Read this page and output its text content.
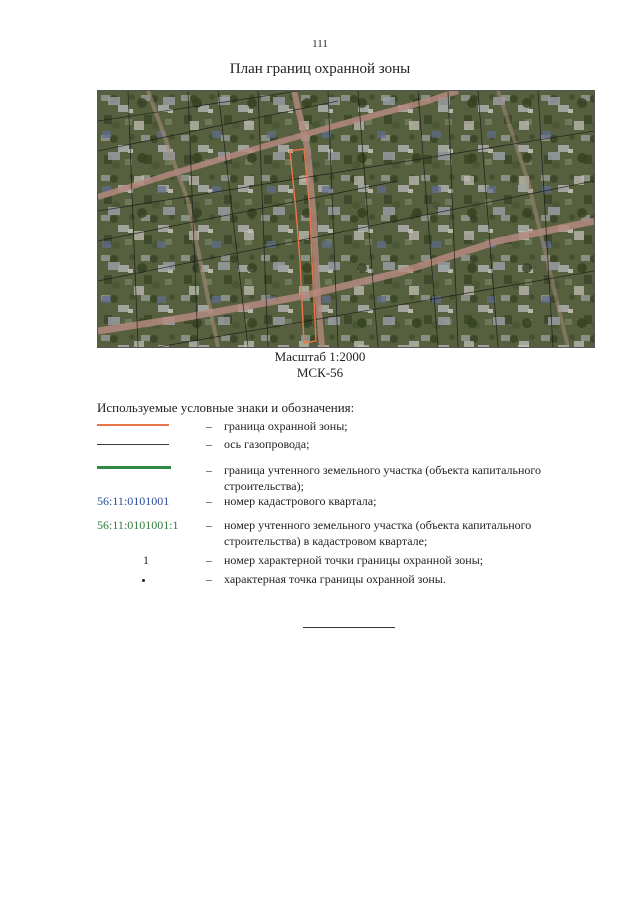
111
План границ охранной зоны
Масштаб 1:2000
МСК-56
Используемые условные знаки и обозначения:
– граница охранной зоны;
– ось газопровода;
– граница учтенного земельного участка (объекта капитального
строительства);
56:11:0101001	– номер кадастрового квартала;
56:11:0101001:1 – номер учтенного земельного участка (объекта капитального
строительства) в кадастровом квартале;
1	– номер характерной точки границы охранной зоны;
– характерная точка границы охранной зоны.
